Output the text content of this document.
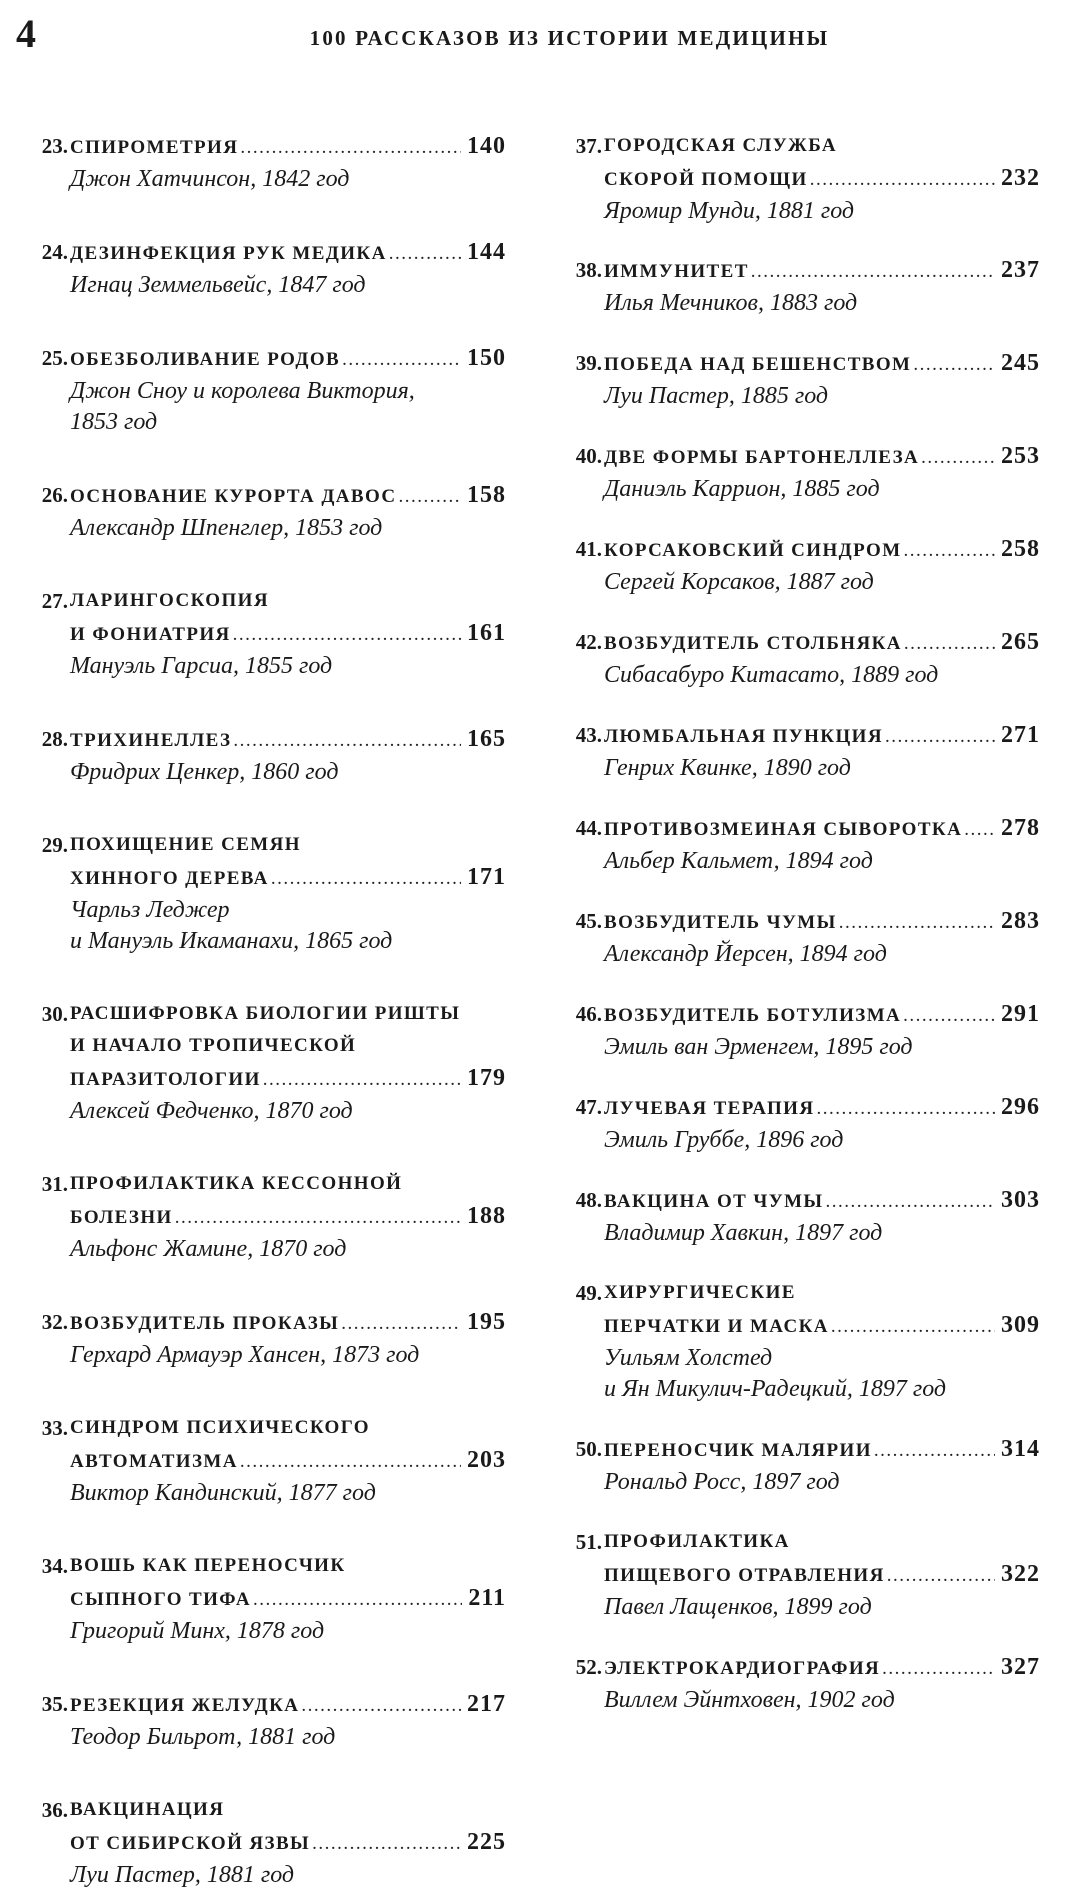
4	100 РАССКАЗОВ ИЗ ИСТОРИИ МЕДИЦИНЫ
23. СПИРОМЕТРИЯ .....	140
Джон Хатчинсон, 1842 год
24. ДЕЗИНФЕКЦИЯ РУК МЕДИКА .....	144
Игнац Земмельвейс, 1847 год
25. ОБЕЗБОЛИВАНИЕ РОДОВ .....	150
Джон Сноу и королева Виктория,
1853 год
26. ОСНОВАНИЕ КУРОРТА ДАВОС .....	158
Александр Шпенглер, 1853 год
27. ЛАРИНГОСКОПИЯ
И ФОНИАТРИЯ .....	161
Мануэль Гарсиа, 1855 год
28. ТРИХИНЕЛЛЕЗ .....	165
Фридрих Ценкер, 1860 год
29. ПОХИЩЕНИЕ СЕМЯН
ХИННОГО ДЕРЕВА .....	171
Чарльз Леджер
и Мануэль Икаманахи, 1865 год
30. РАСШИФРОВКА БИОЛОГИИ РИШТЫ
И НАЧАЛО ТРОПИЧЕСКОЙ
ПАРАЗИТОЛОГИИ .....	179
Алексей Федченко, 1870 год
31. ПРОФИЛАКТИКА КЕССОННОЙ
БОЛЕЗНИ .....	188
Альфонс Жамине, 1870 год
32. ВОЗБУДИТЕЛЬ ПРОКАЗЫ .....	195
Герхард Армауэр Хансен, 1873 год
33. СИНДРОМ ПСИХИЧЕСКОГО
АВТОМАТИЗМА .....	203
Виктор Кандинский, 1877 год
34. ВОШЬ КАК ПЕРЕНОСЧИК
СЫПНОГО ТИФА .....	211
Григорий Минх, 1878 год
35. РЕЗЕКЦИЯ ЖЕЛУДКА .....	217
Теодор Бильрот, 1881 год
36. ВАКЦИНАЦИЯ
ОТ СИБИРСКОЙ ЯЗВЫ .....	225
Луи Пастер, 1881 год
37. ГОРОДСКАЯ СЛУЖБА
СКОРОЙ ПОМОЩИ .....	232
Яромир Мунди, 1881 год
38. ИММУНИТЕТ .....	237
Илья Мечников, 1883 год
39. ПОБЕДА НАД БЕШЕНСТВОМ .....	245
Луи Пастер, 1885 год
40. ДВЕ ФОРМЫ БАРТОНЕЛЛЕЗА .....	253
Даниэль Каррион, 1885 год
41. КОРСАКОВСКИЙ СИНДРОМ .....	258
Сергей Корсаков, 1887 год
42. ВОЗБУДИТЕЛЬ СТОЛБНЯКА .....	265
Сибасабуро Китасато, 1889 год
43. ЛЮМБАЛЬНАЯ ПУНКЦИЯ .....	271
Генрих Квинке, 1890 год
44. ПРОТИВОЗМЕИНАЯ СЫВОРОТКА ..... 278
Альбер Кальмет, 1894 год
45. ВОЗБУДИТЕЛЬ ЧУМЫ .....	283
Александр Йерсен, 1894 год
46. ВОЗБУДИТЕЛЬ БОТУЛИЗМА .....	291
Эмиль ван Эрменгем, 1895 год
47. ЛУЧЕВАЯ ТЕРАПИЯ .....	296
Эмиль Груббе, 1896 год
48. ВАКЦИНА ОТ ЧУМЫ .....	303
Владимир Хавкин, 1897 год
49. ХИРУРГИЧЕСКИЕ
ПЕРЧАТКИ И МАСКА .....	309
Уильям Холстед
и Ян Микулич-Радецкий, 1897 год
50. ПЕРЕНОСЧИК МАЛЯРИИ .....	314
Рональд Росс, 1897 год
51. ПРОФИЛАКТИКА
ПИЩЕВОГО ОТРАВЛЕНИЯ .....	322
Павел Лащенков, 1899 год
52. ЭЛЕКТРОКАРДИОГРАФИЯ .....	327
Виллем Эйнтховен, 1902 год
